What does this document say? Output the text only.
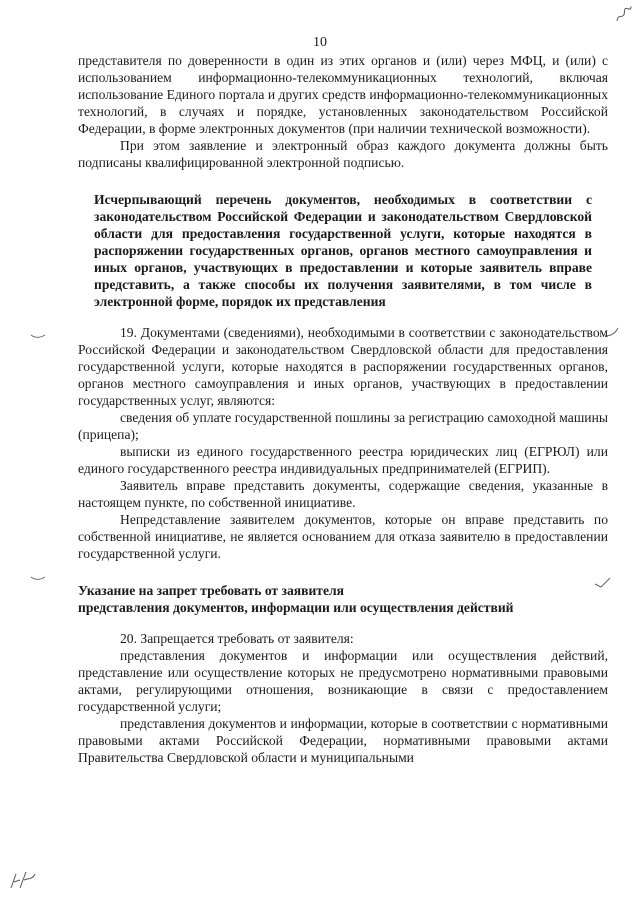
10

представителя по доверенности в один из этих органов и (или) через МФЦ, и (или) с использованием информационно-телекоммуникационных технологий, включая использование Единого портала и других средств информационно-телекоммуникационных технологий, в случаях и порядке, установленных законодательством Российской Федерации, в форме электронных документов (при наличии технической возможности).

При этом заявление и электронный образ каждого документа должны быть подписаны квалифицированной электронной подписью.

Исчерпывающий перечень документов, необходимых в соответствии с законодательством Российской Федерации и законодательством Свердловской области для предоставления государственной услуги, которые находятся в распоряжении государственных органов, органов местного самоуправления и иных органов, участвующих в предоставлении и которые заявитель вправе представить, а также способы их получения заявителями, в том числе в электронной форме, порядок их представления

19. Документами (сведениями), необходимыми в соответствии с законодательством Российской Федерации и законодательством Свердловской области для предоставления государственной услуги, которые находятся в распоряжении государственных органов, органов местного самоуправления и иных органов, участвующих в предоставлении государственных услуг, являются:

сведения об уплате государственной пошлины за регистрацию самоходной машины (прицепа);

выписки из единого государственного реестра юридических лиц (ЕГРЮЛ) или единого государственного реестра индивидуальных предпринимателей (ЕГРИП).

Заявитель вправе представить документы, содержащие сведения, указанные в настоящем пункте, по собственной инициативе.

Непредставление заявителем документов, которые он вправе представить по собственной инициативе, не является основанием для отказа заявителю в предоставлении государственной услуги.

Указание на запрет требовать от заявителя

представления документов, информации или осуществления действий

20. Запрещается требовать от заявителя:

представления документов и информации или осуществления действий, представление или осуществление которых не предусмотрено нормативными правовыми актами, регулирующими отношения, возникающие в связи с предоставлением государственной услуги;

представления документов и информации, которые в соответствии с нормативными правовыми актами Российской Федерации, нормативными правовыми актами Правительства Свердловской области и муниципальными
